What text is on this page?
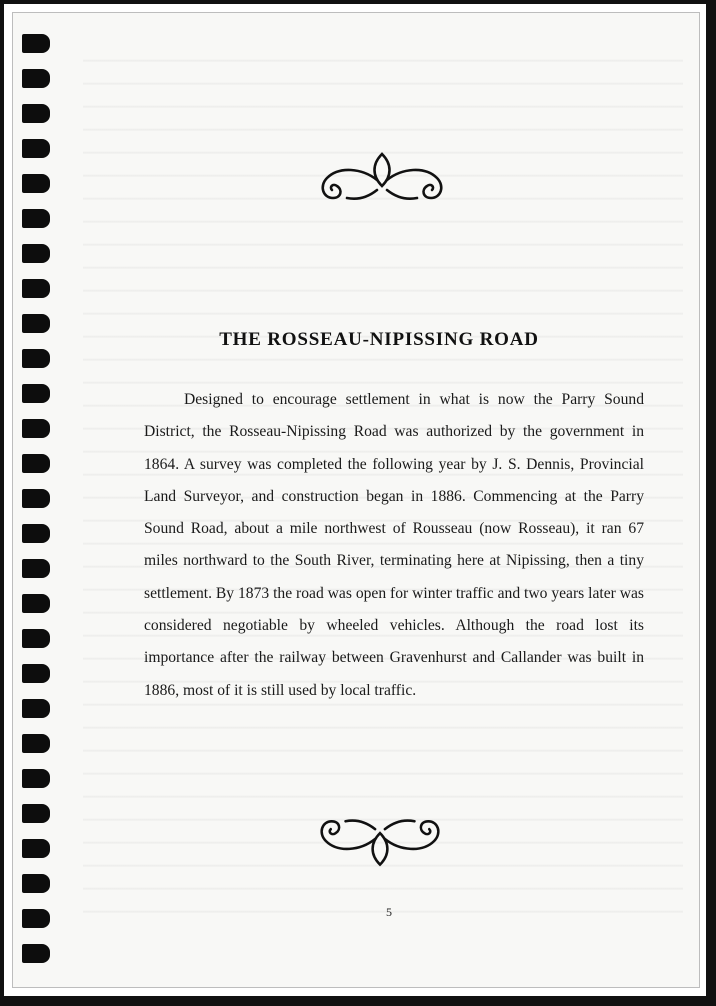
THE ROSSEAU-NIPISSING ROAD

Designed to encourage settlement in what is now the Parry Sound District, the Rosseau-Nipissing Road was authorized by the government in 1864. A survey was completed the following year by J. S. Dennis, Provincial Land Surveyor, and construction began in 1886. Commencing at the Parry Sound Road, about a mile northwest of Rousseau (now Rosseau), it ran 67 miles northward to the South River, terminating here at Nipissing, then a tiny settlement. By 1873 the road was open for winter traffic and two years later was considered negotiable by wheeled vehicles. Although the road lost its importance after the railway between Gravenhurst and Callander was built in 1886, most of it is still used by local traffic.

5
